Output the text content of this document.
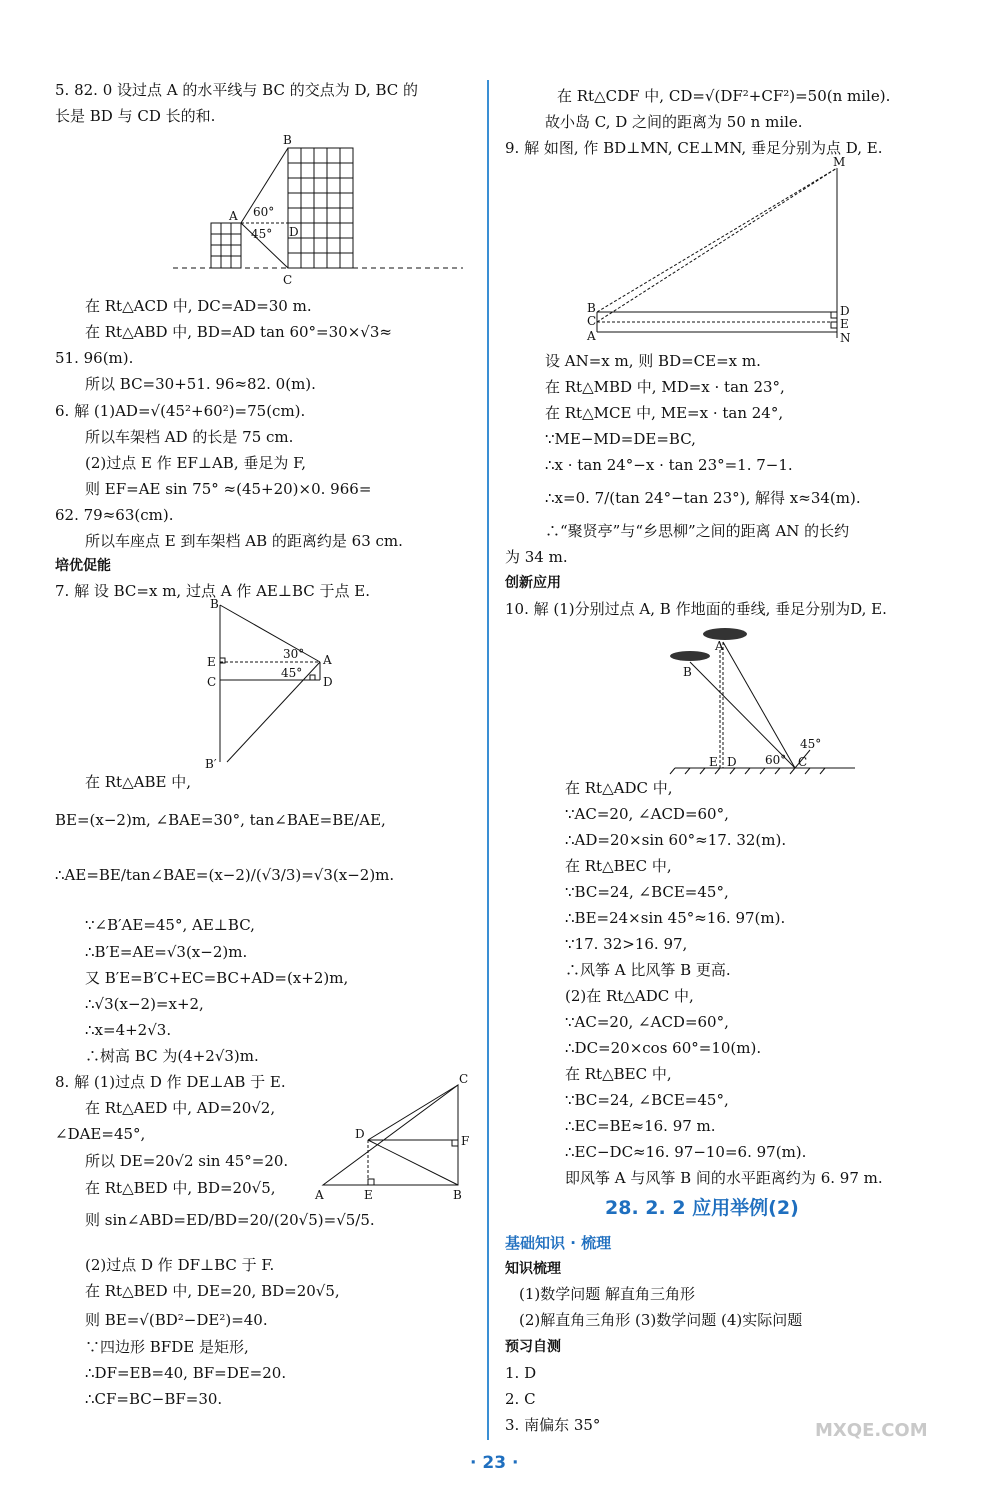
5. 82. 0 设过点 A 的水平线与 BC 的交点为 D, BC 的
长是 BD 与 CD 长的和.
B
A
D
C
60°
45°
在 Rt△ACD 中, DC=AD=30 m.
在 Rt△ABD 中, BD=AD tan 60°=30×√3≈
51. 96(m).
所以 BC=30+51. 96≈82. 0(m).
6. 解 (1)AD=√(45²+60²)=75(cm).
所以车架档 AD 的长是 75 cm.
(2)过点 E 作 EF⊥AB, 垂足为 F,
则 EF=AE sin 75° ≈(45+20)×0. 966=
62. 79≈63(cm).
所以车座点 E 到车架档 AB 的距离约是 63 cm.
培优促能
7. 解 设 BC=x m, 过点 A 作 AE⊥BC 于点 E.
B
E
C
A
D
B′
30°
45°
在 Rt△ABE 中,
BE=(x−2)m, ∠BAE=30°, tan∠BAE=BE/AE,
∴AE=BE/tan∠BAE=(x−2)/(√3/3)=√3(x−2)m.
∵∠B′AE=45°, AE⊥BC,
∴B′E=AE=√3(x−2)m.
又 B′E=B′C+EC=BC+AD=(x+2)m,
∴√3(x−2)=x+2,
∴x=4+2√3.
∴树高 BC 为(4+2√3)m.
8. 解 (1)过点 D 作 DE⊥AB 于 E.
在 Rt△AED 中, AD=20√2,
∠DAE=45°,
所以 DE=20√2 sin 45°=20.
在 Rt△BED 中, BD=20√5,
C
D	F
A	E	B
则 sin∠ABD=ED/BD=20/(20√5)=√5/5.
(2)过点 D 作 DF⊥BC 于 F.
在 Rt△BED 中, DE=20, BD=20√5,
则 BE=√(BD²−DE²)=40.
∵四边形 BFDE 是矩形,
∴DF=EB=40, BF=DE=20.
∴CF=BC−BF=30.
在 Rt△CDF 中, CD=√(DF²+CF²)=50(n mile).
故小岛 C, D 之间的距离为 50 n mile.
9. 解 如图, 作 BD⊥MN, CE⊥MN, 垂足分别为点 D, E.
M
B
C
A
D
E
N
设 AN=x m, 则 BD=CE=x m.
在 Rt△MBD 中, MD=x · tan 23°,
在 Rt△MCE 中, ME=x · tan 24°,
∵ME−MD=DE=BC,
∴x · tan 24°−x · tan 23°=1. 7−1.
∴x=0. 7/(tan 24°−tan 23°), 解得 x≈34(m).
∴“聚贤亭”与“乡思柳”之间的距离 AN 的长约
为 34 m.
创新应用
10. 解 (1)分别过点 A, B 作地面的垂线, 垂足分别为D, E.
A
B
E D	C
60°
45°
在 Rt△ADC 中,
∵AC=20, ∠ACD=60°,
∴AD=20×sin 60°≈17. 32(m).
在 Rt△BEC 中,
∵BC=24, ∠BCE=45°,
∴BE=24×sin 45°≈16. 97(m).
∵17. 32>16. 97,
∴风筝 A 比风筝 B 更高.
(2)在 Rt△ADC 中,
∵AC=20, ∠ACD=60°,
∴DC=20×cos 60°=10(m).
在 Rt△BEC 中,
∵BC=24, ∠BCE=45°,
∴EC=BE≈16. 97 m.
∴EC−DC≈16. 97−10=6. 97(m).
即风筝 A 与风筝 B 间的水平距离约为 6. 97 m.
28. 2. 2 应用举例(2)
基础知识 · 梳理
知识梳理
(1)数学问题 解直角三角形
(2)解直角三角形 (3)数学问题 (4)实际问题
预习自测
1. D
2. C
3. 南偏东 35°
· 23 ·
MXQE.COM
